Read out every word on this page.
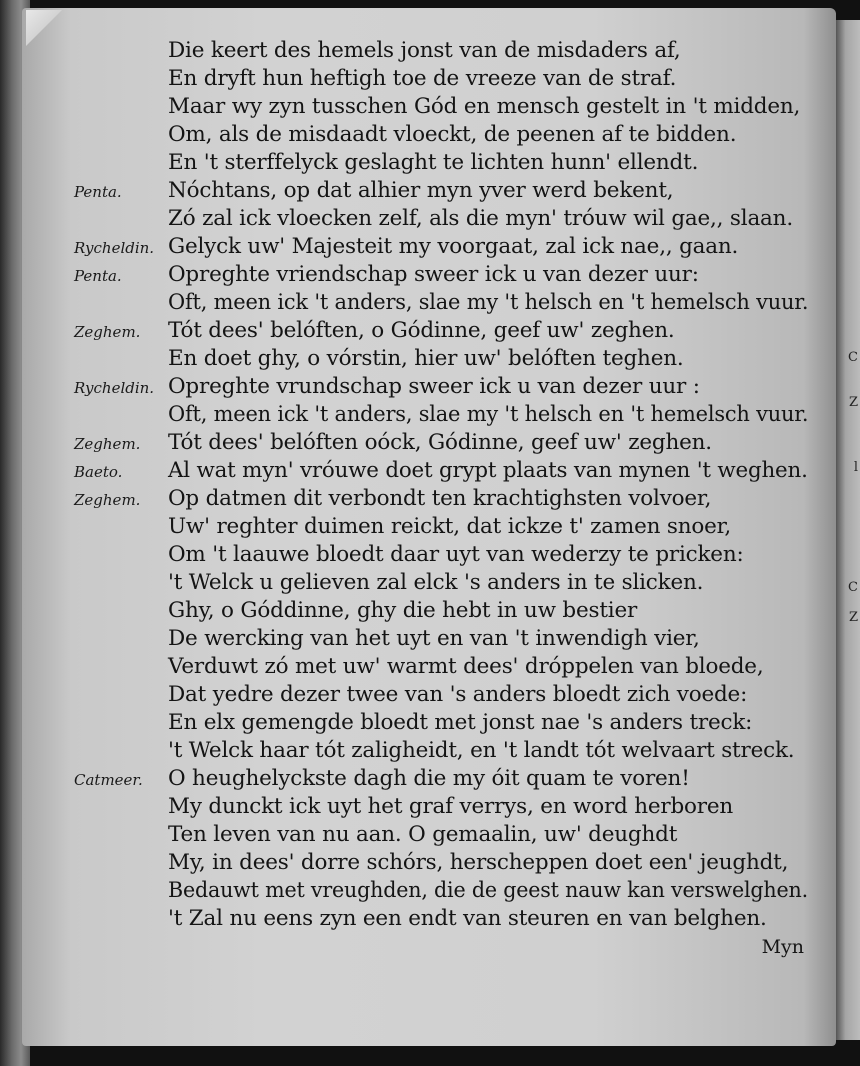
C
Z
l
C
Z
Die keert des hemels jonst van de misdaders af,
En dryft hun heftigh toe de vreeze van de straf.
Maar wy zyn tusschen Gód en mensch gestelt in 't midden,
Om, als de misdaadt vloeckt, de peenen af te bidden.
En 't sterffelyck geslaght te lichten hunn' ellendt.
Penta. Nóchtans, op dat alhier myn yver werd bekent,
Zó zal ick vloecken zelf, als die myn' tróuw wil gae,, slaan.
Rycheldin. Gelyck uw' Majesteit my voorgaat, zal ick nae,, gaan.
Penta. Opreghte vriendschap sweer ick u van dezer uur:
Oft, meen ick 't anders, slae my 't helsch en 't hemelsch vuur.
Zeghem. Tót dees' belóften, o Gódinne, geef uw' zeghen.
En doet ghy, o vórstin, hier uw' belóften teghen.
Rycheldin. Opreghte vrundschap sweer ick u van dezer uur :
Oft, meen ick 't anders, slae my 't helsch en 't hemelsch vuur.
Zeghem. Tót dees' belóften oóck, Gódinne, geef uw' zeghen.
Baeto. Al wat myn' vróuwe doet grypt plaats van mynen 't weghen.
Zeghem. Op datmen dit verbondt ten krachtighsten volvoer,
Uw' reghter duimen reickt, dat ickze t' zamen snoer,
Om 't laauwe bloedt daar uyt van wederzy te pricken:
't Welck u gelieven zal elck 's anders in te slicken.
Ghy, o Góddinne, ghy die hebt in uw bestier
De wercking van het uyt en van 't inwendigh vier,
Verduwt zó met uw' warmt dees' dróppelen van bloede,
Dat yedre dezer twee van 's anders bloedt zich voede:
En elx gemengde bloedt met jonst nae 's anders treck:
't Welck haar tót zaligheidt, en 't landt tót welvaart streck.
Catmeer. O heughelyckste dagh die my óit quam te voren!
My dunckt ick uyt het graf verrys, en word herboren
Ten leven van nu aan. O gemaalin, uw' deughdt
My, in dees' dorre schórs, herscheppen doet een' jeughdt,
Bedauwt met vreughden, die de geest nauw kan verswelghen.
't Zal nu eens zyn een endt van steuren en van belghen.
Myn
